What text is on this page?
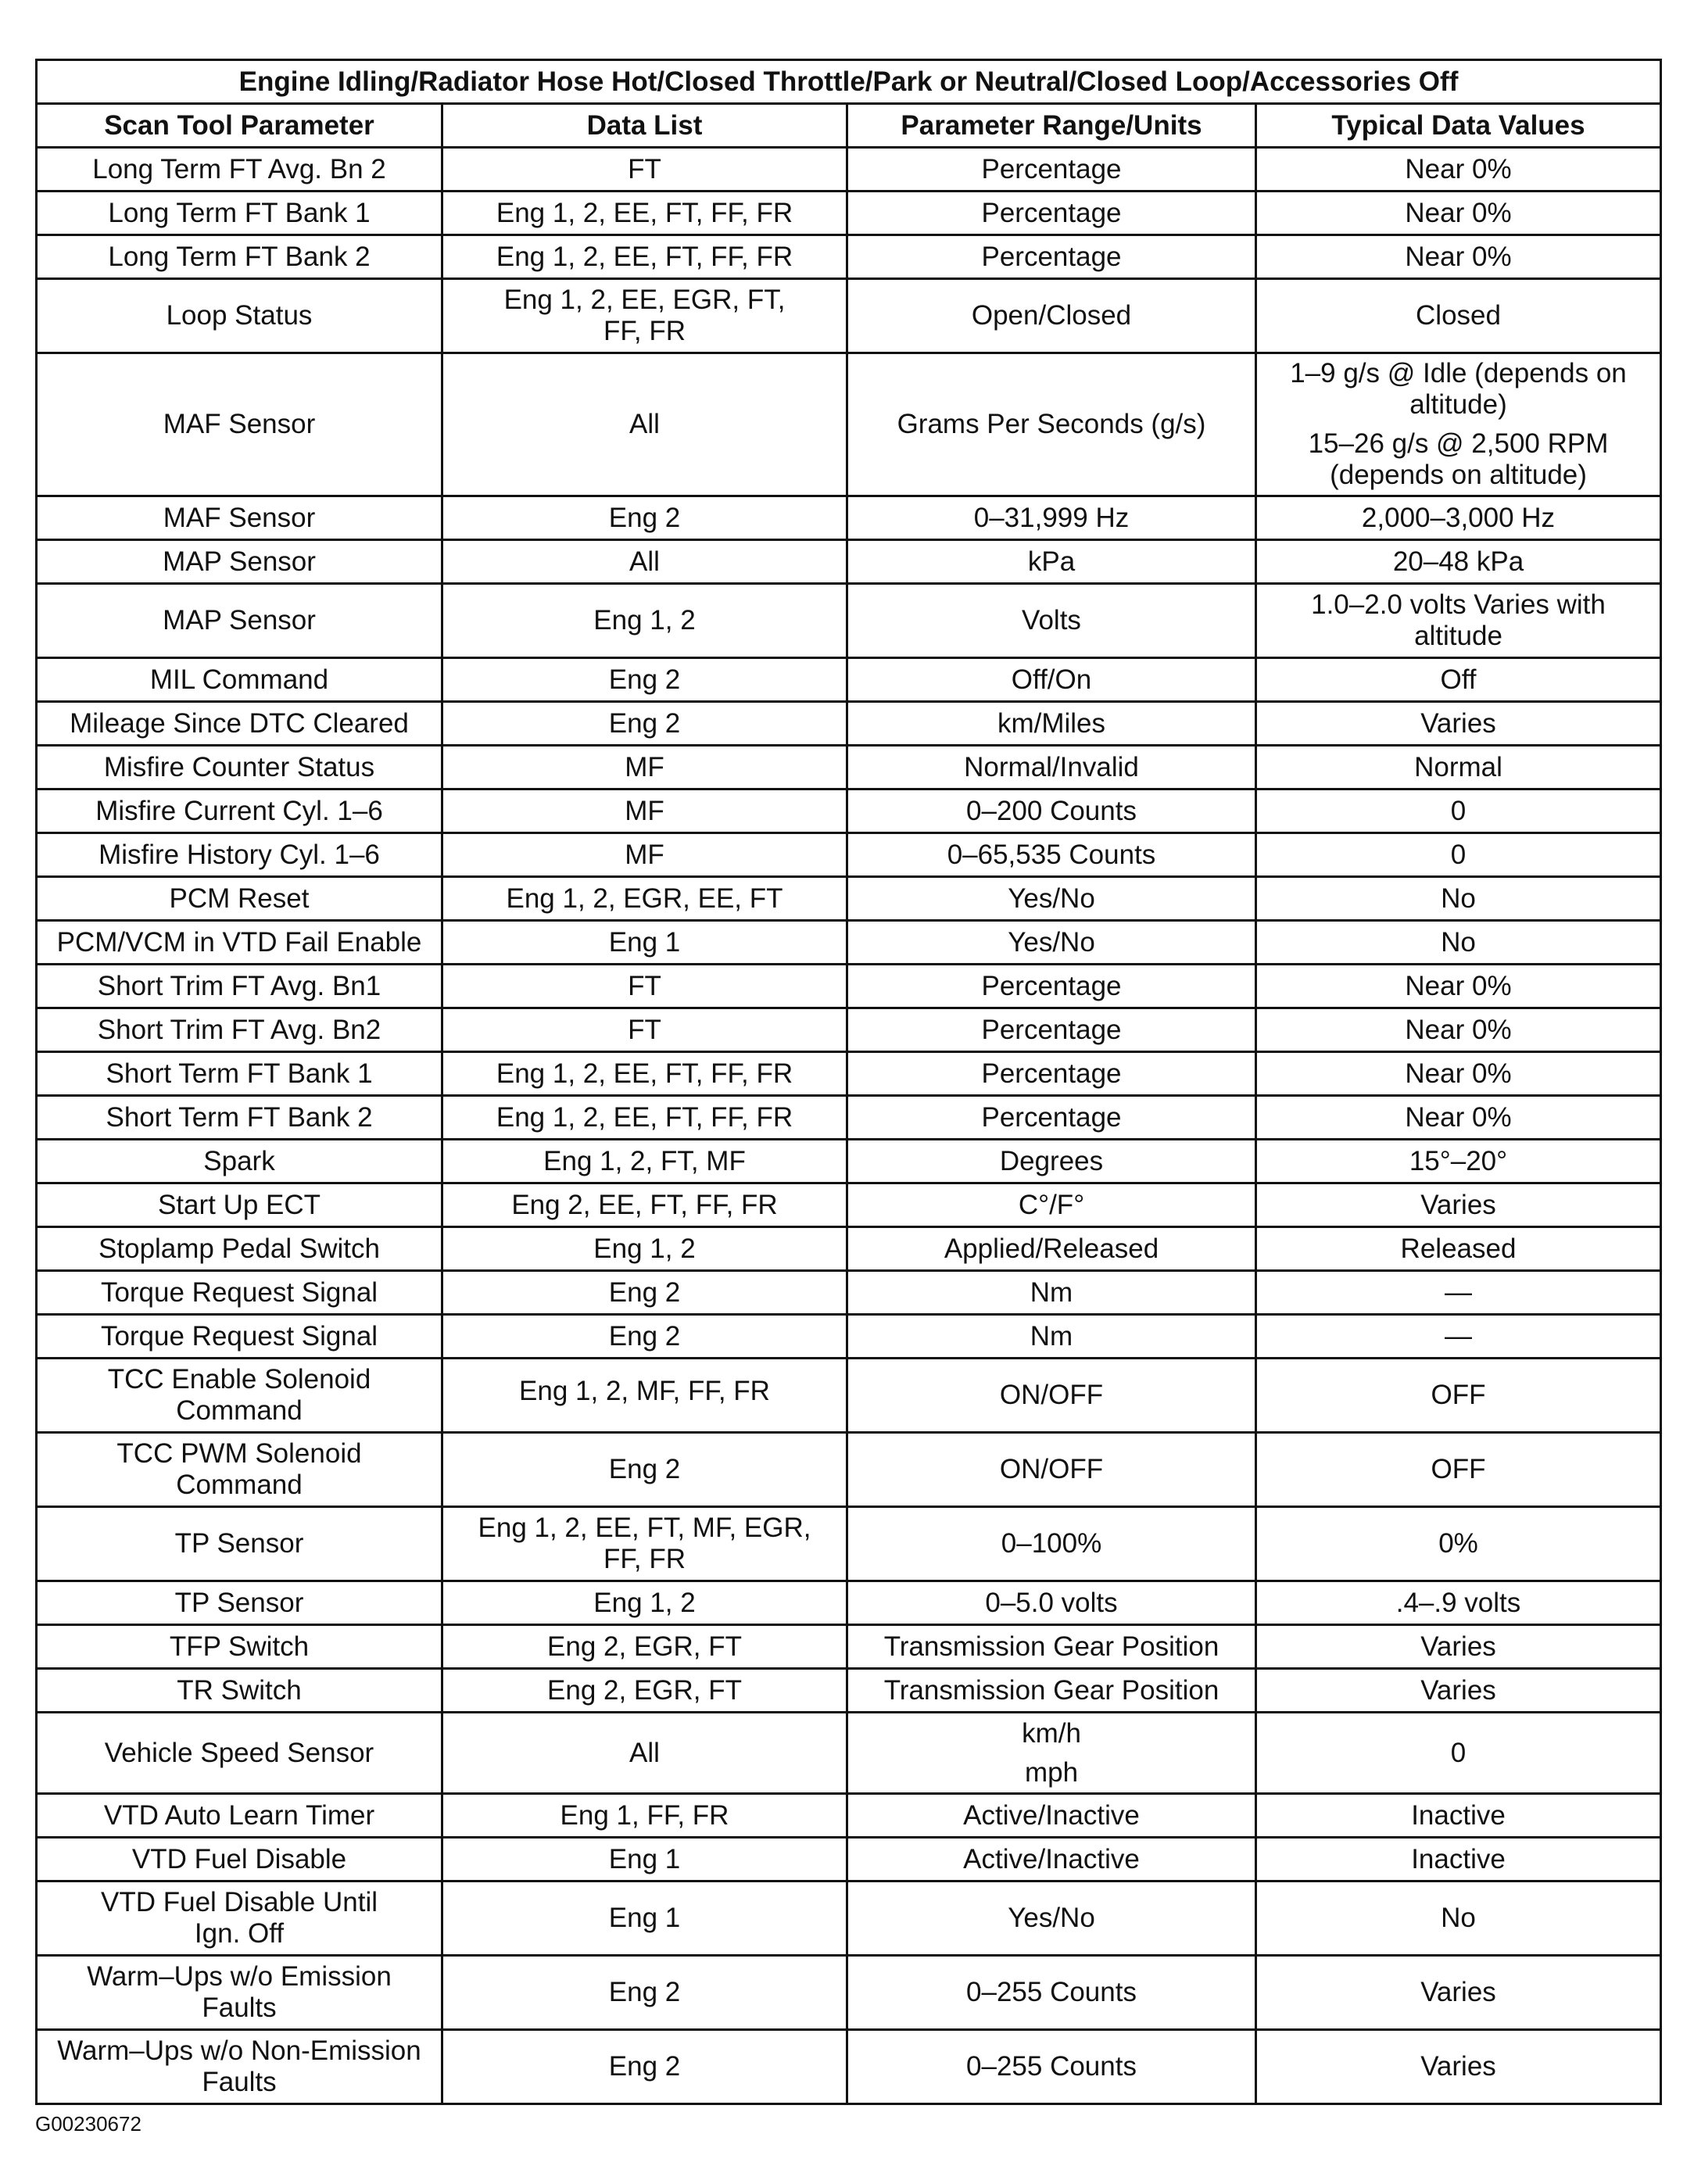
Engine Idling/Radiator Hose Hot/Closed Throttle/Park or Neutral/Closed Loop/Accessories Off			
Scan Tool Parameter	Data List	Parameter Range/Units	Typical Data Values

Long Term FT Avg. Bn 2	FT	Percentage	Near 0%

Long Term FT Bank 1	Eng 1, 2, EE, FT, FF, FR	Percentage	Near 0%

Long Term FT Bank 2	Eng 1, 2, EE, FT, FF, FR	Percentage	Near 0%

Loop Status	Eng 1, 2, EE, EGR, FT,
FF, FR	Open/Closed	Closed

MAF Sensor	All	Grams Per Seconds (g/s)	1–9 g/s @ Idle (depends on
altitude)
15–26 g/s @ 2,500 RPM
(depends on altitude)

MAF Sensor	Eng 2	0–31,999 Hz	2,000–3,000 Hz

MAP Sensor	All	kPa	20–48 kPa

MAP Sensor	Eng 1, 2	Volts	1.0–2.0 volts Varies with
altitude

MIL Command	Eng 2	Off/On	Off

Mileage Since DTC Cleared	Eng 2	km/Miles	Varies

Misfire Counter Status	MF	Normal/Invalid	Normal

Misfire Current Cyl. 1–6	MF	0–200 Counts	0

Misfire History Cyl. 1–6	MF	0–65,535 Counts	0

PCM Reset	Eng 1, 2, EGR, EE, FT	Yes/No	No

PCM/VCM in VTD Fail Enable	Eng 1	Yes/No	No

Short Trim FT Avg. Bn1	FT	Percentage	Near 0%

Short Trim FT Avg. Bn2	FT	Percentage	Near 0%

Short Term FT Bank 1	Eng 1, 2, EE, FT, FF, FR	Percentage	Near 0%

Short Term FT Bank 2	Eng 1, 2, EE, FT, FF, FR	Percentage	Near 0%

Spark	Eng 1, 2, FT, MF	Degrees	15°–20°

Start Up ECT	Eng 2, EE, FT, FF, FR	C°/F°	Varies

Stoplamp Pedal Switch	Eng 1, 2	Applied/Released	Released

Torque Request Signal	Eng 2	Nm	—

Torque Request Signal	Eng 2	Nm	—

TCC Enable Solenoid
Command	Eng 1, 2, MF, FF, FR	ON/OFF	OFF

TCC PWM Solenoid
Command	Eng 2	ON/OFF	OFF

TP Sensor	Eng 1, 2, EE, FT, MF, EGR,
FF, FR	0–100%	0%

TP Sensor	Eng 1, 2	0–5.0 volts	.4–.9 volts

TFP Switch	Eng 2, EGR, FT	Transmission Gear Position	Varies

TR Switch	Eng 2, EGR, FT	Transmission Gear Position	Varies

Vehicle Speed Sensor	All	km/h
mph	0

VTD Auto Learn Timer	Eng 1, FF, FR	Active/Inactive	Inactive

VTD Fuel Disable	Eng 1	Active/Inactive	Inactive

VTD Fuel Disable Until
Ign. Off	Eng 1	Yes/No	No

Warm–Ups w/o Emission
Faults	Eng 2	0–255 Counts	Varies

Warm–Ups w/o Non-Emission
Faults	Eng 2	0–255 Counts	Varies
G00230672
